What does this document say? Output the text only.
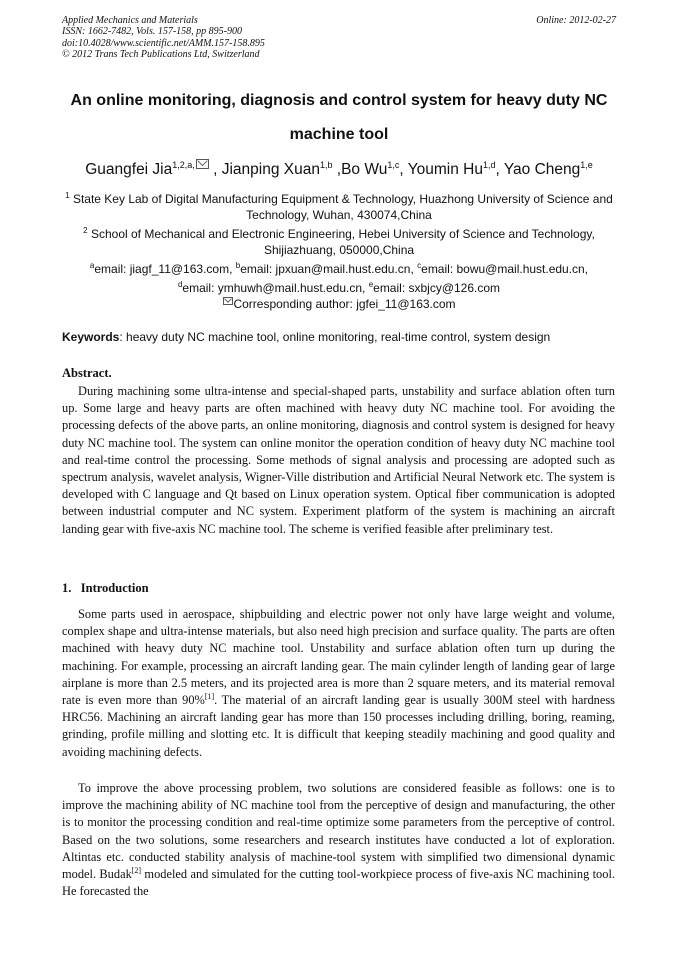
Applied Mechanics and Materials
ISSN: 1662-7482, Vols. 157-158, pp 895-900
doi:10.4028/www.scientific.net/AMM.157-158.895
© 2012 Trans Tech Publications Ltd, Switzerland
Online: 2012-02-27
An online monitoring, diagnosis and control system for heavy duty NC
machine tool
Guangfei Jia$^{1,2,a,}$ , Jianping Xuan$^{1,b}$ ,Bo Wu$^{1,c}$, Youmin Hu$^{1,d}$, Yao Cheng$^{1,e}$
$^1$ State Key Lab of Digital Manufacturing Equipment & Technology, Huazhong University of Science and Technology, Wuhan, 430074,China
$^2$ School of Mechanical and Electronic Engineering, Hebei University of Science and Technology, Shijiazhuang, 050000,China
$^a$email: jiagf_11@163.com, $^b$email: jpxuan@mail.hust.edu.cn, $^c$email: bowu@mail.hust.edu.cn,
$^d$email: ymhuwh@mail.hust.edu.cn, $^e$email: sxbjcy@126.com
Corresponding author: jgfei_11@163.com
Keywords: heavy duty NC machine tool, online monitoring, real-time control, system design
Abstract.
During machining some ultra-intense and special-shaped parts, unstability and surface ablation often turn up. Some large and heavy parts are often machined with heavy duty NC machine tool. For avoiding the processing defects of the above parts, an online monitoring, diagnosis and control system is designed for heavy duty NC machine tool. The system can online monitor the operation condition of heavy duty NC machine tool and real-time control the processing. Some methods of signal analysis and processing are adopted such as spectrum analysis, wavelet analysis, Wigner-Ville distribution and Artificial Neural Network etc. The system is developed with C language and Qt based on Linux operation system. Optical fiber communication is adopted between industrial computer and NC system. Experiment platform of the system is machining an aircraft landing gear with five-axis NC machine tool. The scheme is verified feasible after preliminary test.
1.   Introduction
Some parts used in aerospace, shipbuilding and electric power not only have large weight and volume, complex shape and ultra-intense materials, but also need high precision and surface quality. The parts are often machined with heavy duty NC machine tool. Unstability and surface ablation often turn up during the machining. For example, processing an aircraft landing gear. The main cylinder length of landing gear of large airplane is more than 2.5 meters, and its projected area is more than 2 square meters, and its material removal rate is even more than 90%[1]. The material of an aircraft landing gear is usually 300M steel with hardness HRC56. Machining an aircraft landing gear has more than 150 processes including drilling, boring, reaming, grinding, profile milling and slotting etc. It is difficult that keeping steadily machining and good quality and avoiding machining defects.
To improve the above processing problem, two solutions are considered feasible as follows: one is to improve the machining ability of NC machine tool from the perceptive of design and manufacturing, the other is to monitor the processing condition and real-time optimize some parameters from the perceptive of control. Based on the two solutions, some researchers and research institutes have conducted a lot of exploration. Altintas etc. conducted stability analysis of machine-tool system with simplified two dimensional dynamic model. Budak[2] modeled and simulated for the cutting tool-workpiece process of five-axis NC machining tool. He forecasted the
